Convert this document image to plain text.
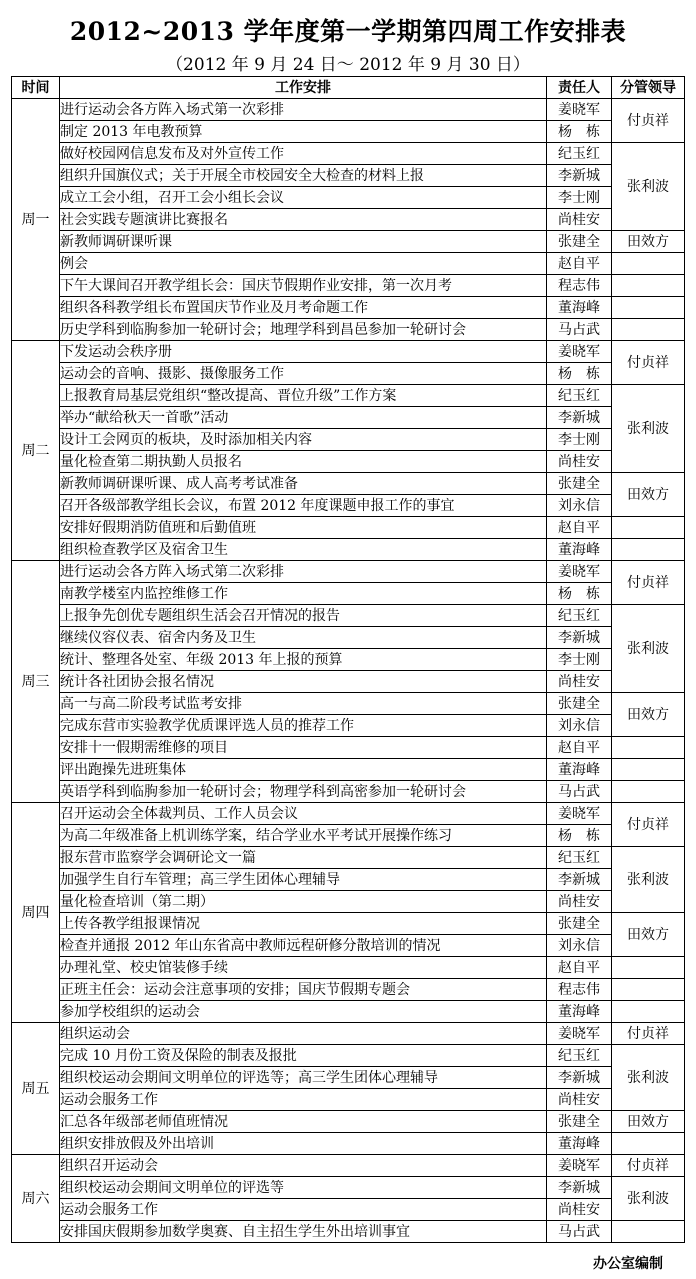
2012~2013 学年度第一学期第四周工作安排表
（2012 年 9 月 24 日～ 2012 年 9 月 30 日）
时间	工作安排	责任人	分管领导
周一	进行运动会各方阵入场式第一次彩排	姜晓军	付贞祥
	制定 2013 年电教预算	杨　栋	
	做好校园网信息发布及对外宣传工作	纪玉红	张利波
	组织升国旗仪式；关于开展全市校园安全大检查的材料上报	李新城	
	成立工会小组，召开工会小组长会议	李士刚	
	社会实践专题演讲比赛报名	尚桂安	
	新教师调研课听课	张建全	田效方
	例会	赵自平	
	下午大课间召开教学组长会：国庆节假期作业安排，第一次月考	程志伟	
	组织各科教学组长布置国庆节作业及月考命题工作	董海峰	
	历史学科到临朐参加一轮研讨会；地理学科到昌邑参加一轮研讨会	马占武	
周二	下发运动会秩序册	姜晓军	付贞祥
	运动会的音响、摄影、摄像服务工作	杨　栋	
	上报教育局基层党组织“整改提高、晋位升级”工作方案	纪玉红	张利波
	举办“献给秋天一首歌”活动	李新城	
	设计工会网页的板块，及时添加相关内容	李士刚	
	量化检查第二期执勤人员报名	尚桂安	
	新教师调研课听课、成人高考考试准备	张建全	田效方
	召开各级部教学组长会议，布置 2012 年度课题申报工作的事宜	刘永信	
	安排好假期消防值班和后勤值班	赵自平	
	组织检查教学区及宿舍卫生	董海峰	
周三	进行运动会各方阵入场式第二次彩排	姜晓军	付贞祥
	南教学楼室内监控维修工作	杨　栋	
	上报争先创优专题组织生活会召开情况的报告	纪玉红	张利波
	继续仪容仪表、宿舍内务及卫生	李新城	
	统计、整理各处室、年级 2013 年上报的预算	李士刚	
	统计各社团协会报名情况	尚桂安	
	高一与高二阶段考试监考安排	张建全	田效方
	完成东营市实验教学优质课评选人员的推荐工作	刘永信	
	安排十一假期需维修的项目	赵自平	
	评出跑操先进班集体	董海峰	
	英语学科到临朐参加一轮研讨会；物理学科到高密参加一轮研讨会	马占武	
周四	召开运动会全体裁判员、工作人员会议	姜晓军	付贞祥
	为高二年级准备上机训练学案，结合学业水平考试开展操作练习	杨　栋	
	报东营市监察学会调研论文一篇	纪玉红	张利波
	加强学生自行车管理；高三学生团体心理辅导	李新城	
	量化检查培训（第二期）	尚桂安	
	上传各教学组报课情况	张建全	田效方
	检查并通报 2012 年山东省高中教师远程研修分散培训的情况	刘永信	
	办理礼堂、校史馆装修手续	赵自平	
	正班主任会：运动会注意事项的安排；国庆节假期专题会	程志伟	
	参加学校组织的运动会	董海峰	
周五	组织运动会	姜晓军	付贞祥
	完成 10 月份工资及保险的制表及报批	纪玉红	张利波
	组织校运动会期间文明单位的评选等；高三学生团体心理辅导	李新城	
	运动会服务工作	尚桂安	
	汇总各年级部老师值班情况	张建全	田效方
	组织安排放假及外出培训	董海峰	
周六	组织召开运动会	姜晓军	付贞祥
	组织校运动会期间文明单位的评选等	李新城	张利波
	运动会服务工作	尚桂安	
	安排国庆假期参加数学奥赛、自主招生学生外出培训事宜	马占武	
办公室编制
